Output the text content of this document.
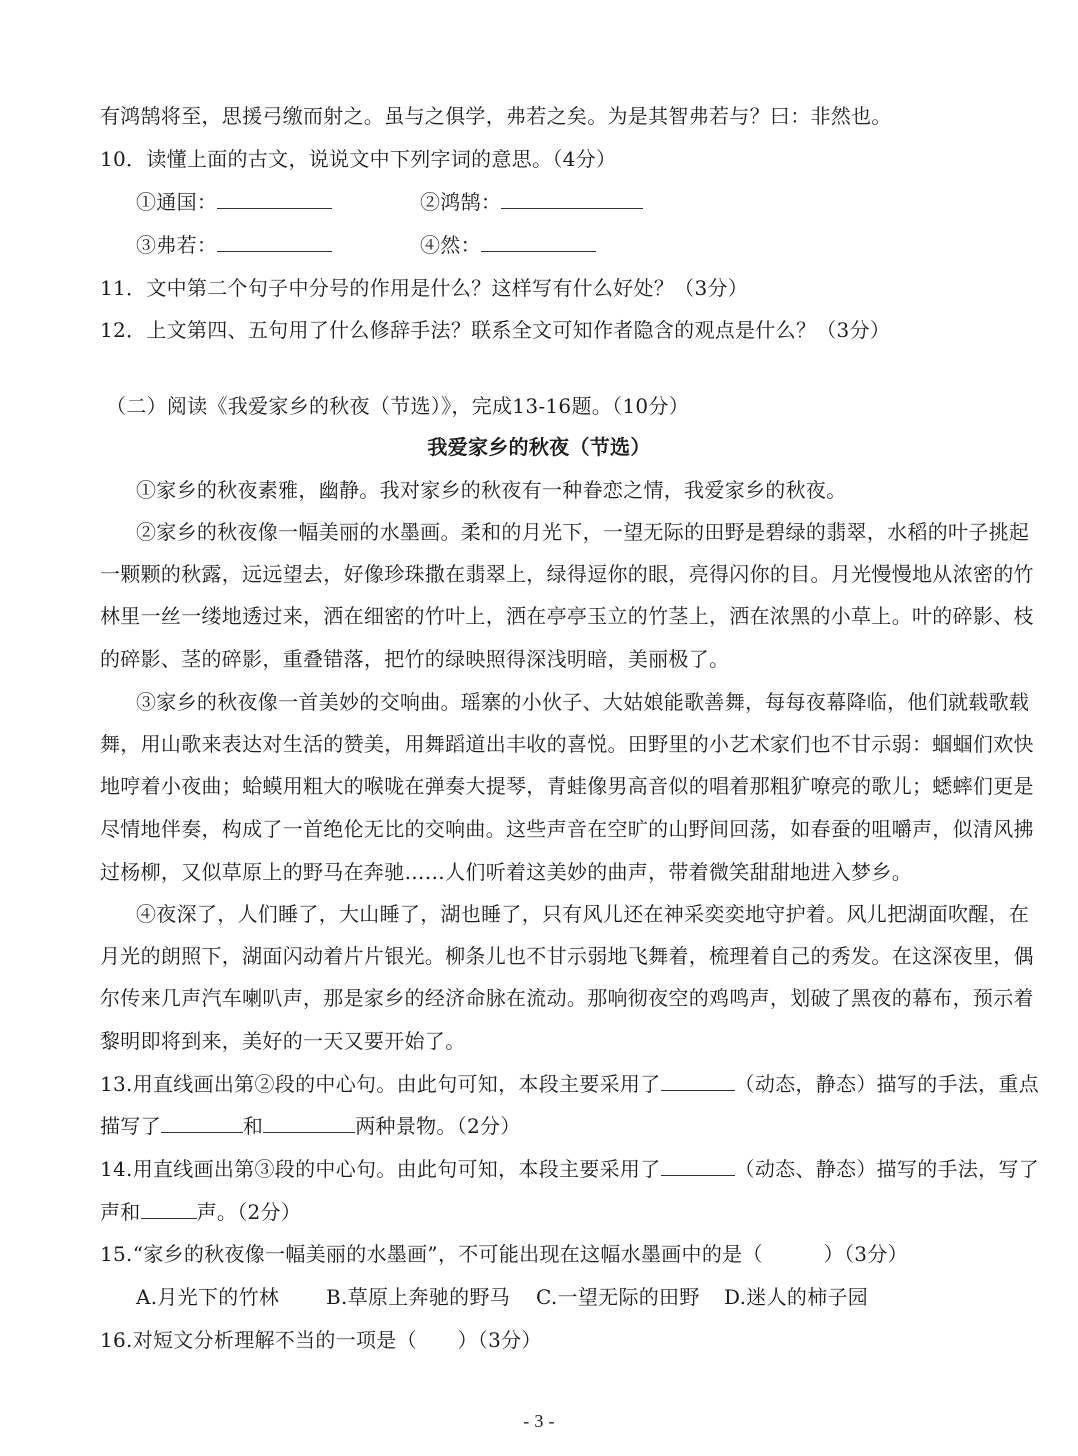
有鸿鹄将至，思援弓缴而射之。虽与之俱学，弗若之矣。为是其智弗若与？曰：非然也。
10．读懂上面的古文，说说文中下列字词的意思。（4分）
①通国：	②鸿鹄：
③弗若：	④然：
11．文中第二个句子中分号的作用是什么？这样写有什么好处？（3分）
12．上文第四、五句用了什么修辞手法？联系全文可知作者隐含的观点是什么？（3分）
（二）阅读《我爱家乡的秋夜（节选）》，完成13-16题。（10分）
我爱家乡的秋夜（节选）
①家乡的秋夜素雅，幽静。我对家乡的秋夜有一种眷恋之情，我爱家乡的秋夜。
②家乡的秋夜像一幅美丽的水墨画。柔和的月光下，一望无际的田野是碧绿的翡翠，水稻的叶子挑起
一颗颗的秋露，远远望去，好像珍珠撒在翡翠上，绿得逗你的眼，亮得闪你的目。月光慢慢地从浓密的竹
林里一丝一缕地透过来，洒在细密的竹叶上，洒在亭亭玉立的竹茎上，洒在浓黑的小草上。叶的碎影、枝
的碎影、茎的碎影，重叠错落，把竹的绿映照得深浅明暗，美丽极了。
③家乡的秋夜像一首美妙的交响曲。瑶寨的小伙子、大姑娘能歌善舞，每每夜幕降临，他们就载歌载
舞，用山歌来表达对生活的赞美，用舞蹈道出丰收的喜悦。田野里的小艺术家们也不甘示弱：蝈蝈们欢快
地哼着小夜曲；蛤蟆用粗大的喉咙在弹奏大提琴，青蛙像男高音似的唱着那粗犷嘹亮的歌儿；蟋蟀们更是
尽情地伴奏，构成了一首绝伦无比的交响曲。这些声音在空旷的山野间回荡，如春蚕的咀嚼声，似清风拂
过杨柳，又似草原上的野马在奔驰……人们听着这美妙的曲声，带着微笑甜甜地进入梦乡。
④夜深了，人们睡了，大山睡了，湖也睡了，只有风儿还在神采奕奕地守护着。风儿把湖面吹醒，在
月光的朗照下，湖面闪动着片片银光。柳条儿也不甘示弱地飞舞着，梳理着自己的秀发。在这深夜里，偶
尔传来几声汽车喇叭声，那是家乡的经济命脉在流动。那响彻夜空的鸡鸣声，划破了黑夜的幕布，预示着
黎明即将到来，美好的一天又要开始了。
13.用直线画出第②段的中心句。由此句可知，本段主要采用了	（动态，静态）描写的手法，重点
描写了	和	两种景物。（2分）
14.用直线画出第③段的中心句。由此句可知，本段主要采用了	（动态、静态）描写的手法，写了
声和	声。（2分）
15.“家乡的秋夜像一幅美丽的水墨画”，不可能出现在这幅水墨画中的是（　　　）（3分）
A.月光下的竹林 B.草原上奔驰的野马 C.一望无际的田野 D.迷人的柿子园
16.对短文分析理解不当的一项是（　　）（3分）
- 3 -
